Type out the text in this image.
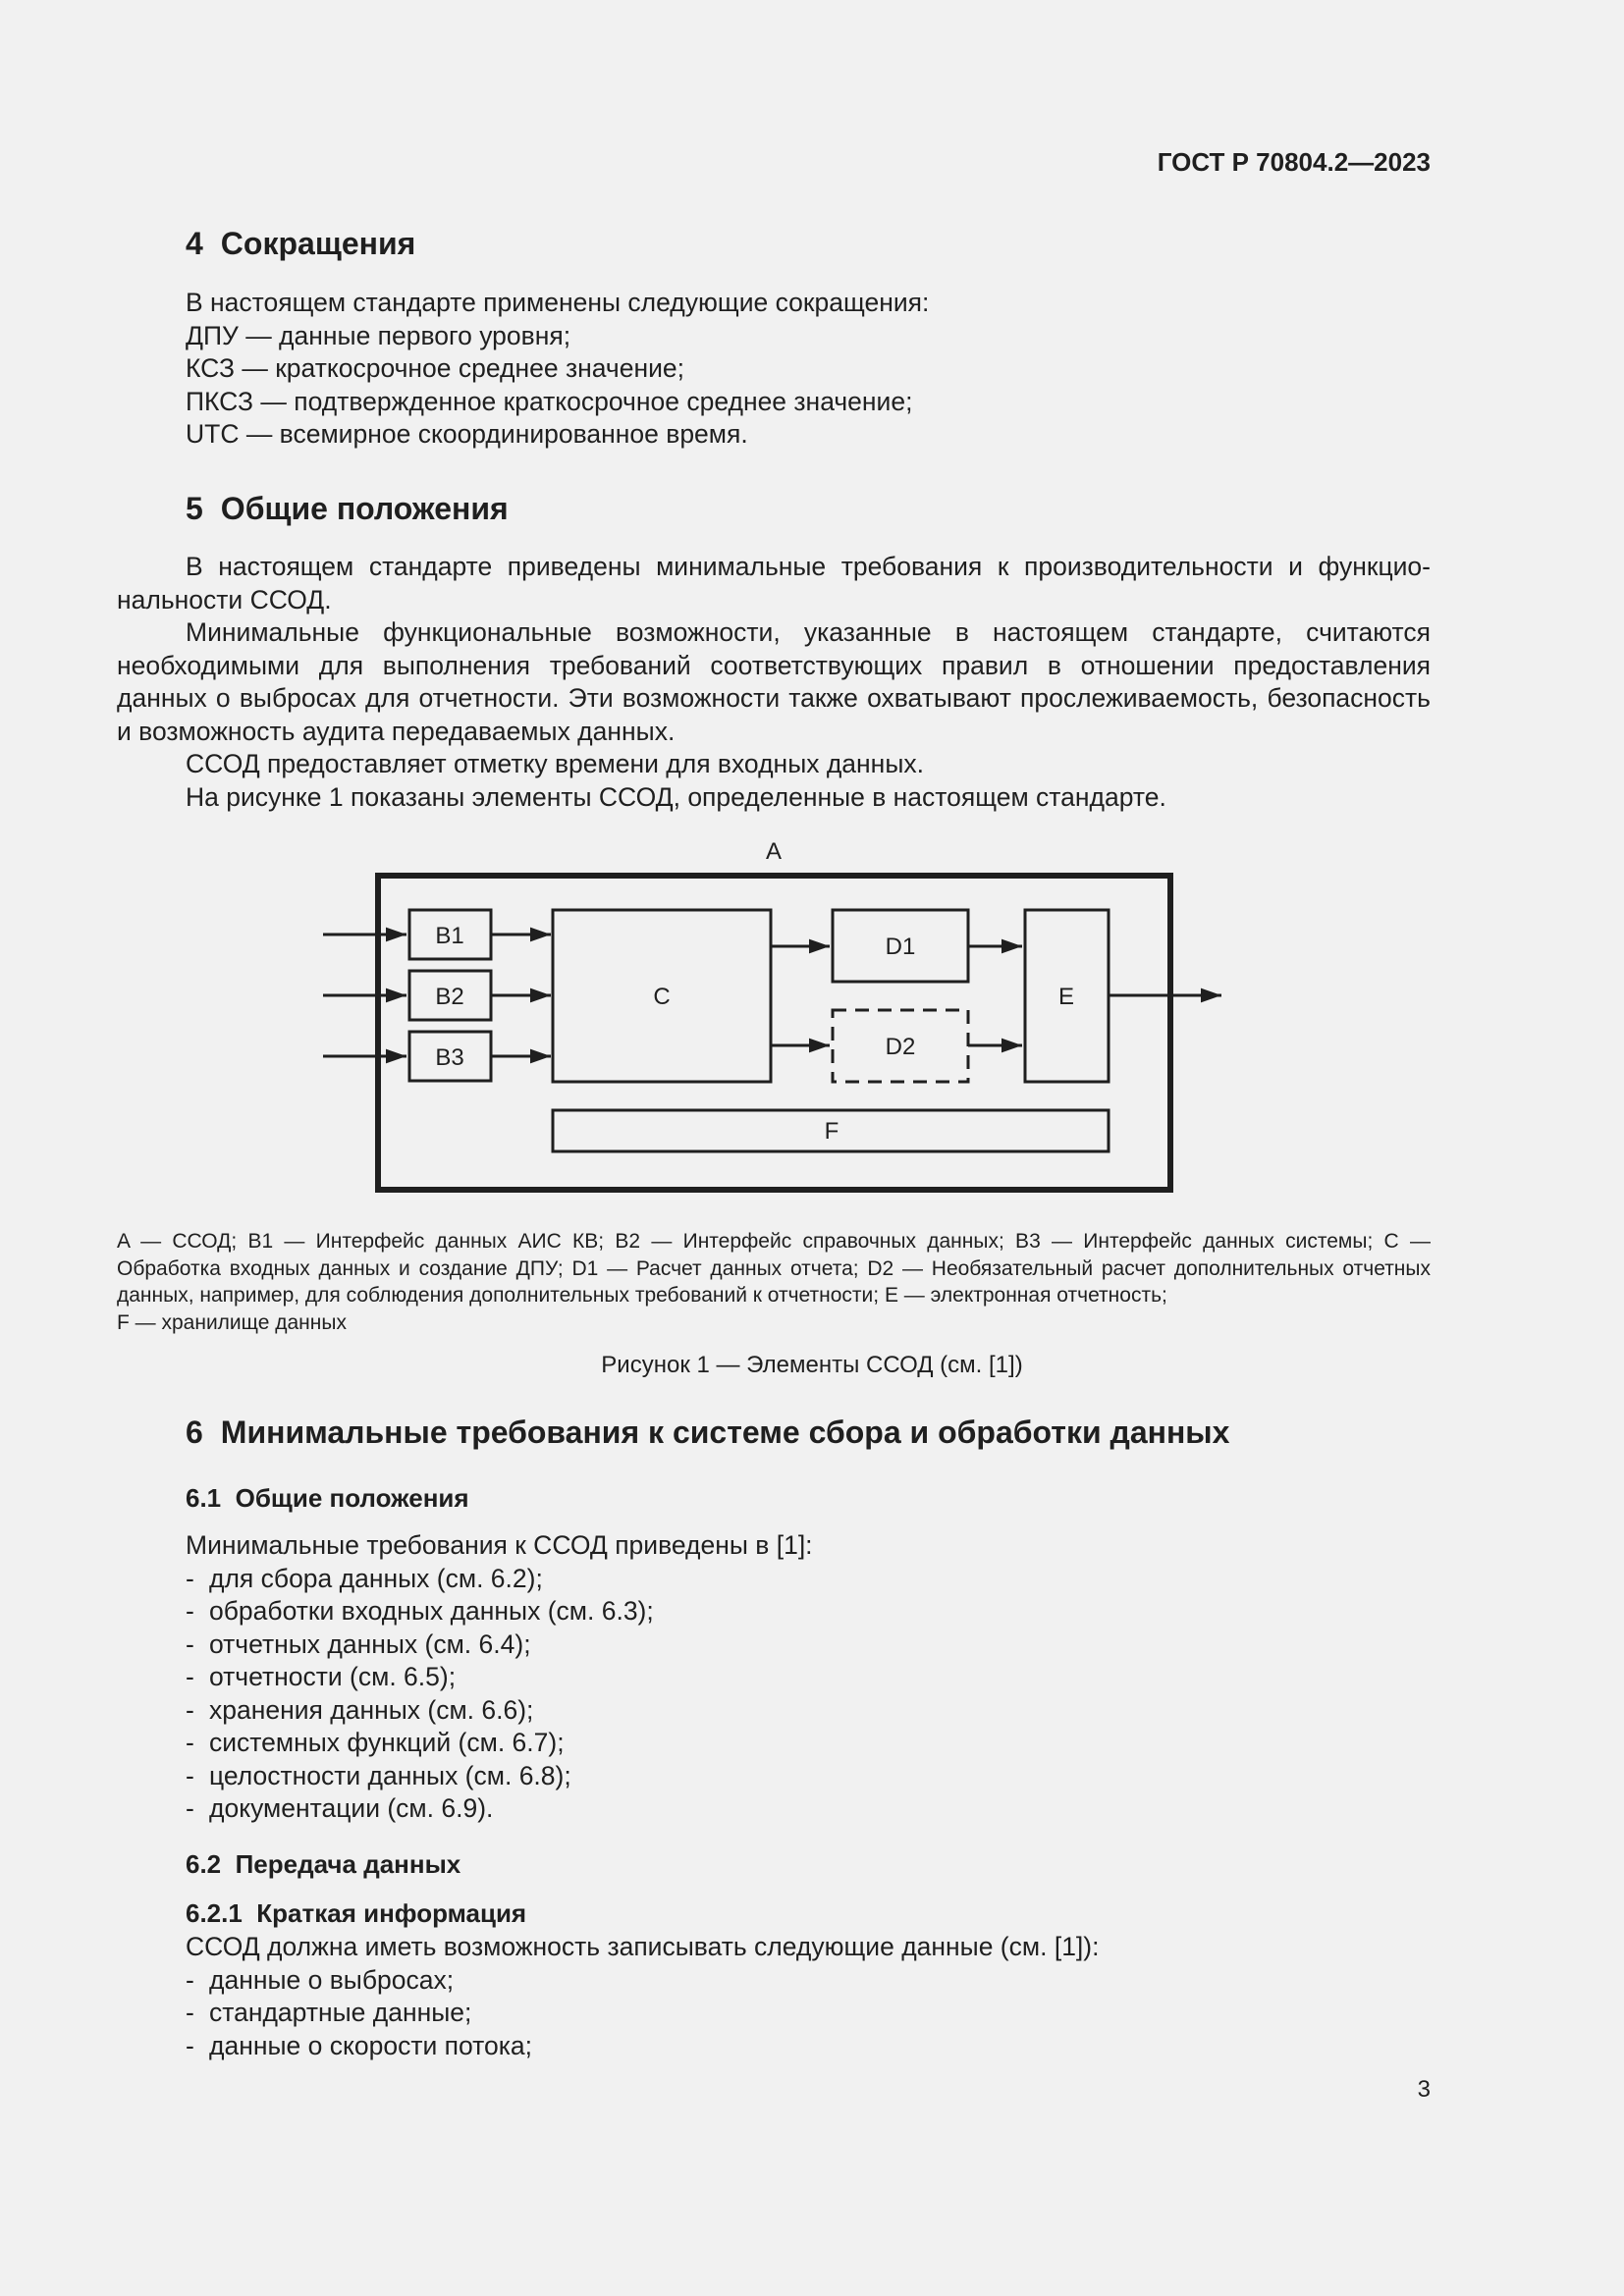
ГОСТ Р 70804.2—2023
4 Сокращения
В настоящем стандарте применены следующие сокращения:
ДПУ — данные первого уровня;
КСЗ — краткосрочное среднее значение;
ПКСЗ — подтвержденное краткосрочное среднее значение;
UTC — всемирное скоординированное время.
5 Общие положения

В настоящем стандарте приведены минимальные требования к производительности и функцио-нальности ССОД.

Минимальные функциональные возможности, указанные в настоящем стандарте, считаются необходимыми для выполнения требований соответствующих правил в отношении предоставления данных о выбросах для отчетности. Эти возможности также охватывают прослеживаемость, безопасность и возможность аудита передаваемых данных.

ССОД предоставляет отметку времени для входных данных.

На рисунке 1 показаны элементы ССОД, определенные в настоящем стандарте.

A
B1
B2
B3
C
D1
D2
E
F
A — ССОД; B1 — Интерфейс данных АИС КВ; B2 — Интерфейс справочных данных; B3 — Интерфейс данных системы; C — Обработка входных данных и создание ДПУ; D1 — Расчет данных отчета; D2 — Необязательный расчет дополнительных отчетных данных, например, для соблюдения дополнительных требований к отчетности; E — электронная отчетность;
F — хранилище данных
Рисунок 1 — Элементы ССОД (см. [1])
6 Минимальные требования к системе сбора и обработки данных
6.1 Общие положения
Минимальные требования к ССОД приведены в [1]:
- для сбора данных (см. 6.2);
- обработки входных данных (см. 6.3);
- отчетных данных (см. 6.4);
- отчетности (см. 6.5);
- хранения данных (см. 6.6);
- системных функций (см. 6.7);
- целостности данных (см. 6.8);
- документации (см. 6.9).
6.2 Передача данных
6.2.1 Краткая информация
ССОД должна иметь возможность записывать следующие данные (см. [1]):
- данные о выбросах;
- стандартные данные;
- данные о скорости потока;
3
